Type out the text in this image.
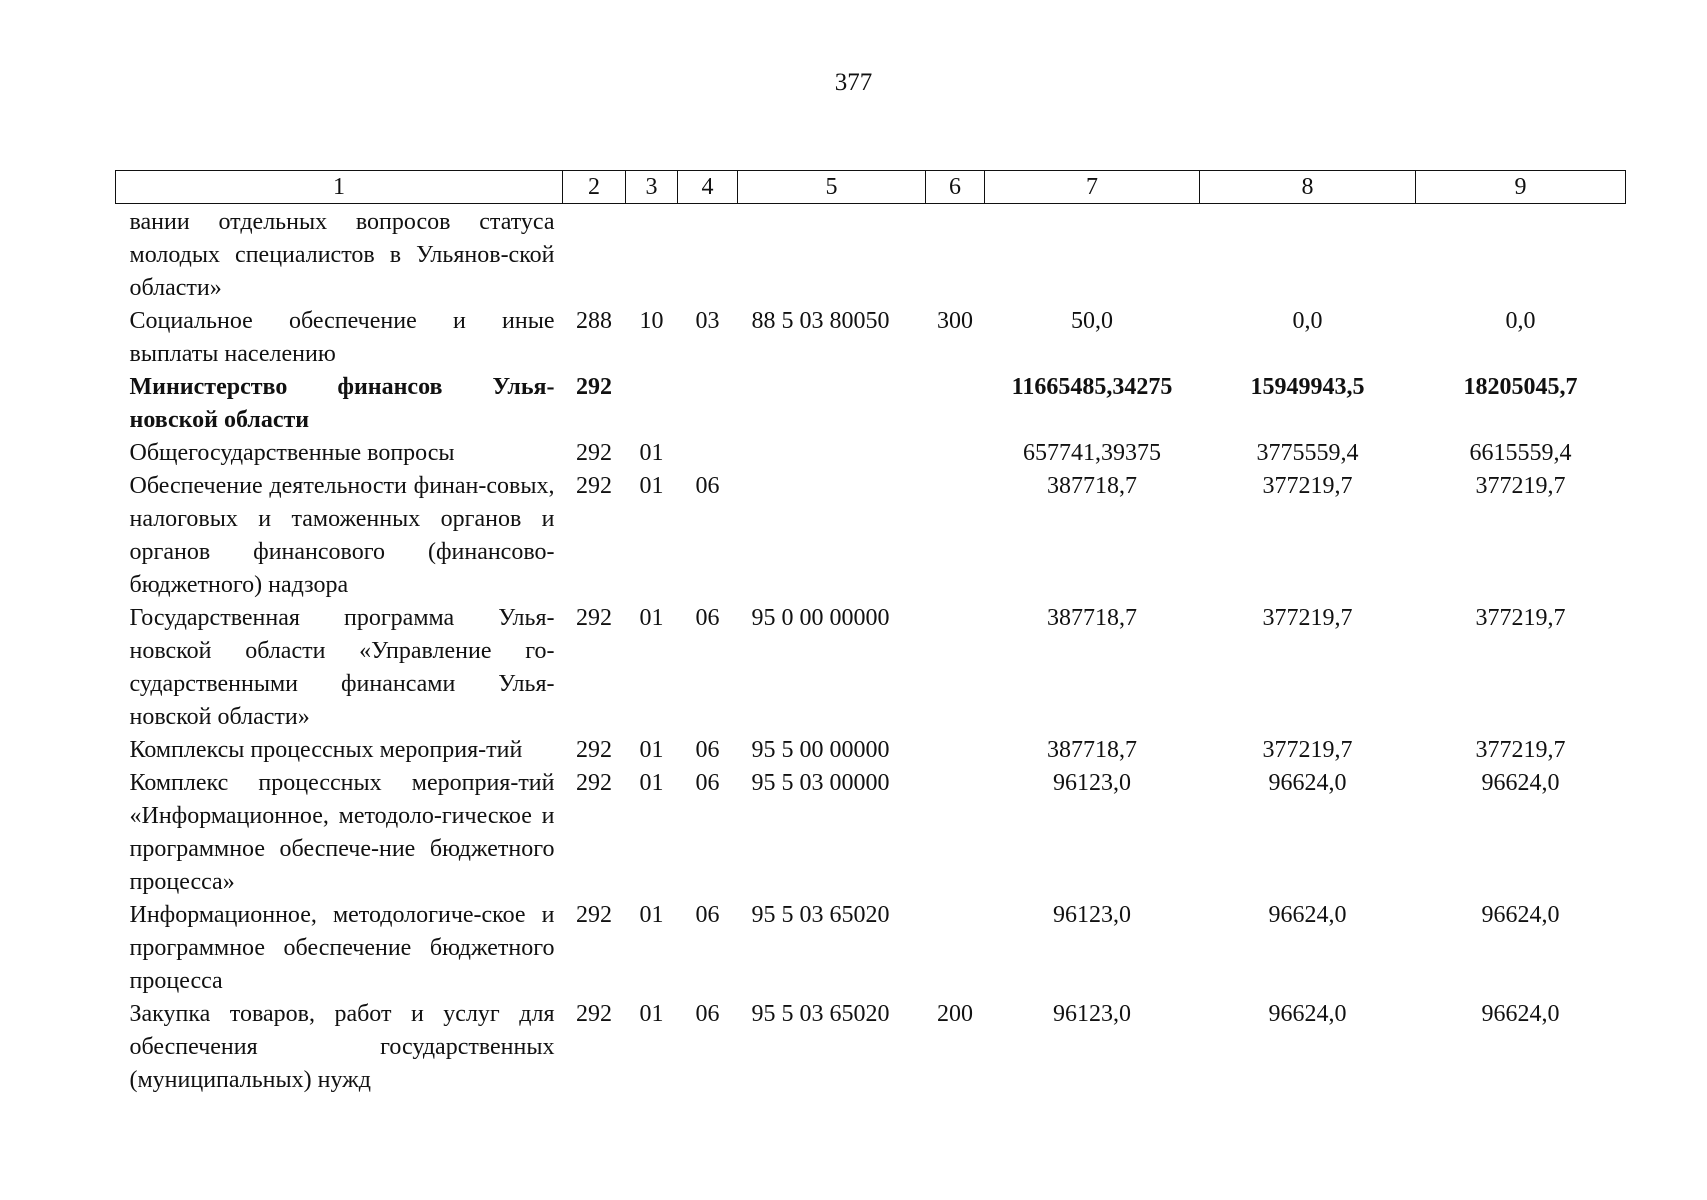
377
1	2	3	4	5	6	7	8	9
вании отдельных вопросов статуса молодых специалистов в Ульянов-ской области»								
Социальное обеспечение и иные выплаты населению	288	10	03	88 5 03 80050	300	50,0	0,0	0,0
Министерство финансов Улья-новской области	292					11665485,34275	15949943,5	18205045,7
Общегосударственные вопросы	292	01				657741,39375	3775559,4	6615559,4
Обеспечение деятельности финан-совых, налоговых и таможенных органов и органов финансового (финансово-бюджетного) надзора	292	01	06			387718,7	377219,7	377219,7
Государственная программа Улья-новской области «Управление го-сударственными финансами Улья-новской области»	292	01	06	95 0 00 00000		387718,7	377219,7	377219,7
Комплексы процессных мероприя-тий	292	01	06	95 5 00 00000		387718,7	377219,7	377219,7
Комплекс процессных мероприя-тий «Информационное, методоло-гическое и программное обеспече-ние бюджетного процесса»	292	01	06	95 5 03 00000		96123,0	96624,0	96624,0
Информационное, методологиче-ское и программное обеспечение бюджетного процесса	292	01	06	95 5 03 65020		96123,0	96624,0	96624,0
Закупка товаров, работ и услуг для обеспечения государственных (муниципальных) нужд	292	01	06	95 5 03 65020	200	96123,0	96624,0	96624,0
